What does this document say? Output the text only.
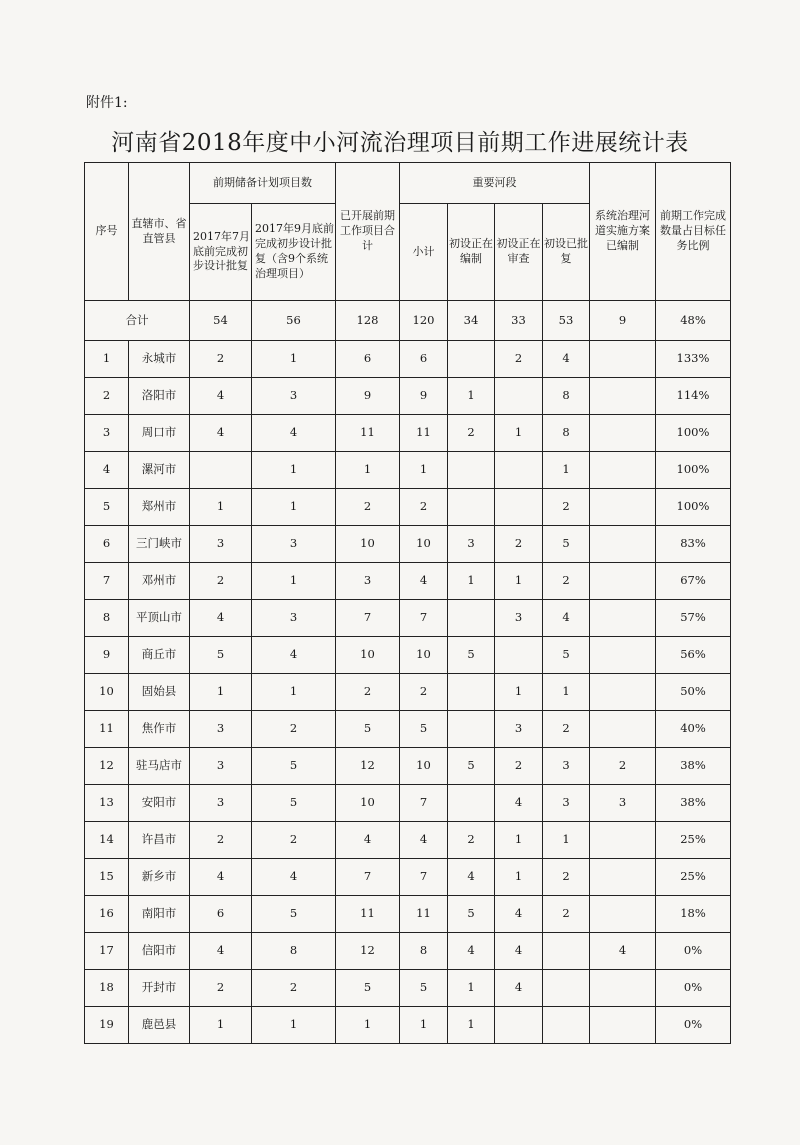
附件1:
河南省2018年度中小河流治理项目前期工作进展统计表
序号	直辖市、省直管县	前期储备计划项目数		已开展前期工作项目合计	重要河段				系统治理河道实施方案已编制	前期工作完成数量占目标任务比例
		2017年7月底前完成初步设计批复	2017年9月底前完成初步设计批复（含9个系统治理项目）		小计	初设正在编制	初设正在审查	初设已批复		
合计		54	56	128	120	34	33	53	9	48%
1	永城市	2	1	6	6		2	4		133%
2	洛阳市	4	3	9	9	1		8		114%
3	周口市	4	4	11	11	2	1	8		100%
4	漯河市		1	1	1			1		100%
5	郑州市	1	1	2	2			2		100%
6	三门峡市	3	3	10	10	3	2	5		83%
7	邓州市	2	1	3	4	1	1	2		67%
8	平顶山市	4	3	7	7		3	4		57%
9	商丘市	5	4	10	10	5		5		56%
10	固始县	1	1	2	2		1	1		50%
11	焦作市	3	2	5	5		3	2		40%
12	驻马店市	3	5	12	10	5	2	3	2	38%
13	安阳市	3	5	10	7		4	3	3	38%
14	许昌市	2	2	4	4	2	1	1		25%
15	新乡市	4	4	7	7	4	1	2		25%
16	南阳市	6	5	11	11	5	4	2		18%
17	信阳市	4	8	12	8	4	4		4	0%
18	开封市	2	2	5	5	1	4			0%
19	鹿邑县	1	1	1	1	1				0%
